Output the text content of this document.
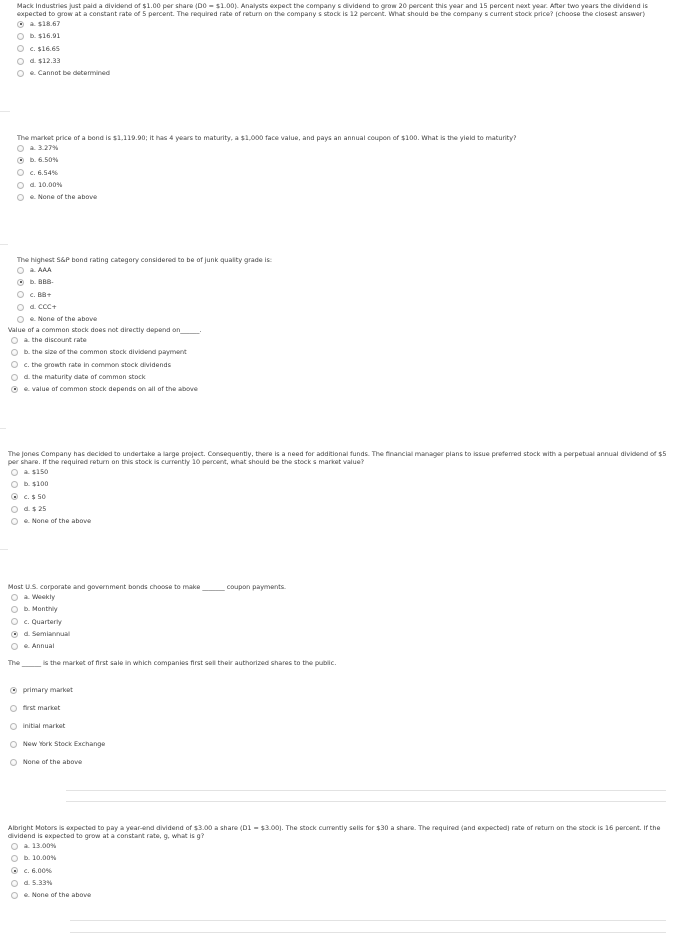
Mack Industries just paid a dividend of $1.00 per share (D0 = $1.00). Analysts expect the company s dividend to grow 20 percent this year and 15 percent next year. After two years the dividend is expected to grow at a constant rate of 5 percent. The required rate of return on the company s stock is 12 percent. What should be the company s current stock price? (choose the closest answer)

a. $18.67
b. $16.91
c. $16.65
d. $12.33
e. Cannot be determined

The market price of a bond is $1,119.90; it has 4 years to maturity, a $1,000 face value, and pays an annual coupon of $100. What is the yield to maturity?

a. 3.27%
b. 6.50%
c. 6.54%
d. 10.00%
e. None of the above

The highest S&P bond rating category considered to be of junk quality grade is:

a. AAA
b. BBB-
c. BB+
d. CCC+
e. None of the above

Value of a common stock does not directly depend on______.

a. the discount rate
b. the size of the common stock dividend payment
c. the growth rate in common stock dividends
d. the maturity date of common stock
e. value of common stock depends on all of the above

The Jones Company has decided to undertake a large project. Consequently, there is a need for additional funds. The financial manager plans to issue preferred stock with a perpetual annual dividend of $5 per share. If the required return on this stock is currently 10 percent, what should be the stock s market value?

a. $150
b. $100
c. $ 50
d. $ 25
e. None of the above

Most U.S. corporate and government bonds choose to make _______ coupon payments.

a. Weekly
b. Monthly
c. Quarterly
d. Semiannual
e. Annual

The ______ is the market of first sale in which companies first sell their authorized shares to the public.

primary market
first market
initial market
New York Stock Exchange
None of the above

Albright Motors is expected to pay a year-end dividend of $3.00 a share (D1 = $3.00). The stock currently sells for $30 a share. The required (and expected) rate of return on the stock is 16 percent. If the dividend is expected to grow at a constant rate, g, what is g?

a. 13.00%
b. 10.00%
c. 6.00%
d. 5.33%
e. None of the above
